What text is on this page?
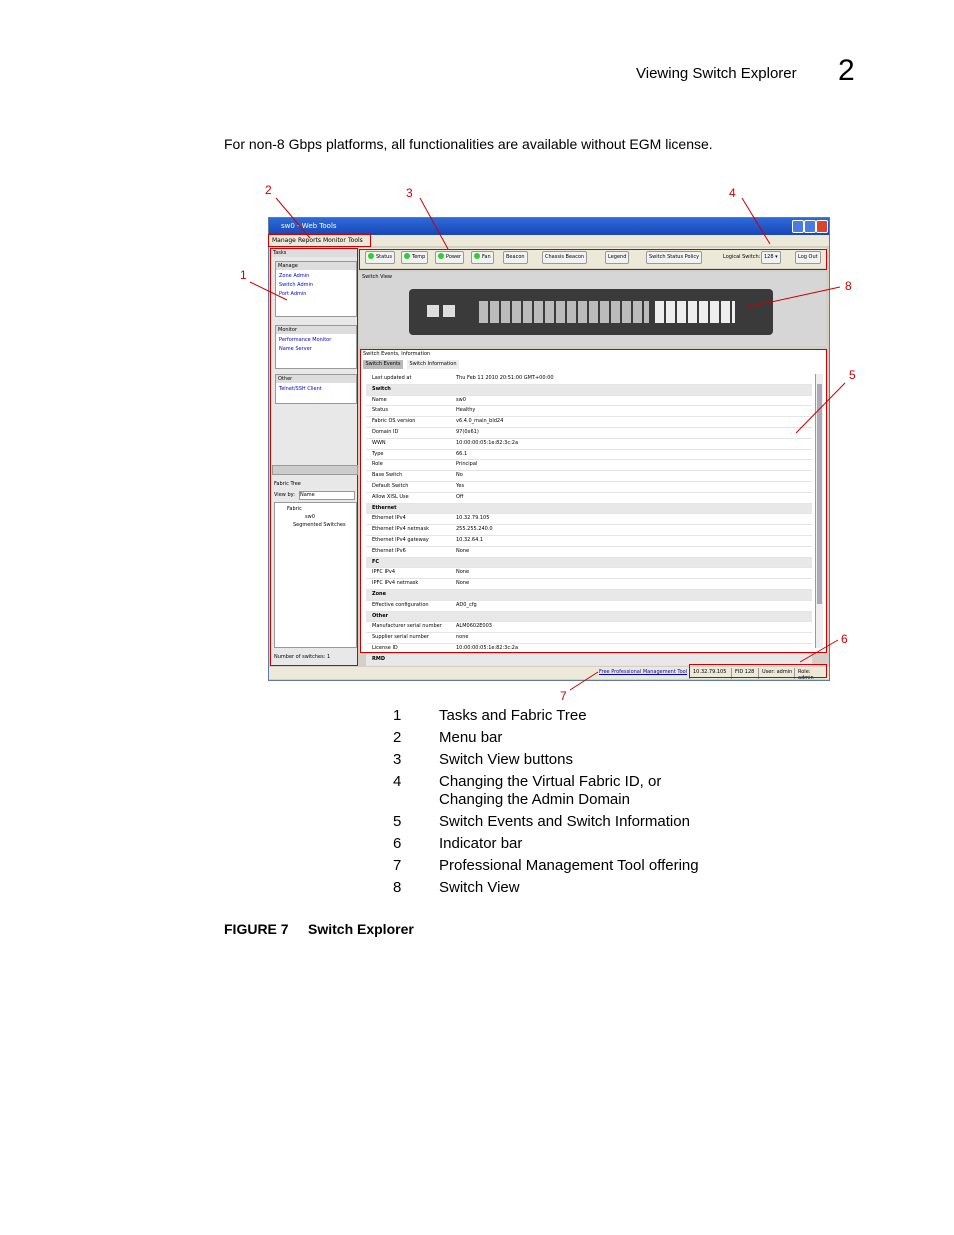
Viewing Switch Explorer 2
For non-8 Gbps platforms, all functionalities are available without EGM license.
sw0 - Web Tools
Manage Reports Monitor Tools
Status	Temp	Power	Fan	Beacon	Chassis Beacon	Legend	Switch Status Policy	Logical Switch: 128 ▾	Log Out
Tasks
Manage
Zone Admin
Switch Admin
Port Admin
Monitor
Performance Monitor
Name Server
Other
Telnet/SSH Client
Fabric Tree
View by: Name
Fabric
sw0
Segmented Switches
Number of switches: 1
Switch View
Switch Events, Information
Switch Events	Switch Information
Last updated at	Thu Feb 11 2010 20:51:00 GMT+00:00
Switch
Name	sw0
Status	Healthy
Fabric OS version	v6.4.0_main_bld24
Domain ID	97(0x61)
WWN	10:00:00:05:1e:82:3c:2a
Type	66.1
Role	Principal
Base Switch	No
Default Switch	Yes
Allow XISL Use	Off
Ethernet
Ethernet IPv4	10.32.79.105
Ethernet IPv4 netmask	255.255.240.0
Ethernet IPv4 gateway	10.32.64.1
Ethernet IPv6	None
FC
IPFC IPv4	None
IPFC IPv4 netmask	None
Zone
Effective configuration	AD0_cfg
Other
Manufacturer serial number	ALM0602E003
Supplier serial number	none
License ID	10:00:00:05:1e:82:3c:2a
RMD
Free Professional Management Tool	10.32.79.105	FID 128	User: admin	Role: admin
1
2	3	4
5
6
7
8
1	Tasks and Fabric Tree
2	Menu bar
3	Switch View buttons
4	Changing the Virtual Fabric ID, or Changing the Admin Domain
5	Switch Events and Switch Information
6	Indicator bar
7	Professional Management Tool offering
8	Switch View
FIGURE 7 Switch Explorer
